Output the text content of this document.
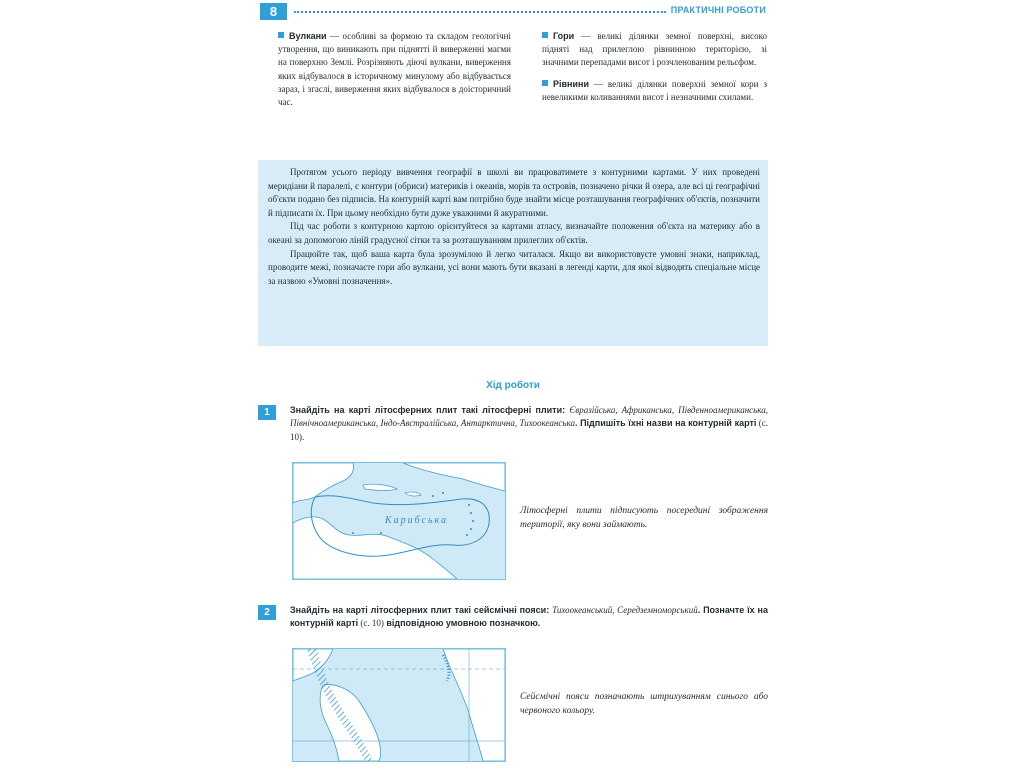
8	ПРАКТИЧНІ РОБОТИ

Вулкани — особливі за формою та складом геологічні утворення, що виникають при піднятті й виверженні магми на поверхню Землі. Розрізняють діючі вулкани, виверження яких відбувалося в історичному минулому або відбувається зараз, і згаслі, виверження яких відбувалося в доісторичний час.

Гори — великі ділянки земної поверхні, високо підняті над прилеглою рівнинною територією, зі значними перепадами висот і розчленованим рельєфом.

Рівнини — великі ділянки поверхні земної кори з невеликими коливаннями висот і незначними схилами.

Протягом усього періоду вивчення географії в школі ви працюватимете з контурними картами. У них проведені меридіани й паралелі, є контури (обриси) материків і океанів, морів та островів, позначено річки й озера, але всі ці географічні об'єкти подано без підписів. На контурній карті вам потрібно буде знайти місце розташування географічних об'єктів, позначити й підписати їх. При цьому необхідно бути дуже уважними й акуратними.

Під час роботи з контурною картою орієнтуйтеся за картами атласу, визначайте положення об'єкта на материку або в океані за допомогою ліній градусної сітки та за розташуванням прилеглих об'єктів.

Працюйте так, щоб ваша карта була зрозумілою й легко читалася. Якщо ви використовуєте умовні знаки, наприклад, проводите межі, позначаєте гори або вулкани, усі вони мають бути вказані в легенді карти, для якої відводять спеціальне місце за назвою «Умовні позначення».

Хід роботи
1	Знайдіть на карті літосферних плит такі літосферні плити: Євразійська, Африканська, Південноамериканська, Північноамериканська, Індо-Австралійська, Антарктична, Тихоокеанська. Підпишіть їхні назви на контурній карті (с. 10).
Карибська
Літосферні плити підписують посередині зображення території, яку вони займають.
2	Знайдіть на карті літосферних плит такі сейсмічні пояси: Тихоокеанський, Середземноморський. Позначте їх на контурній карті (с. 10) відповідною умовною позначкою.
Сейсмічні пояси позначають штрихуванням синього або червоного кольору.
